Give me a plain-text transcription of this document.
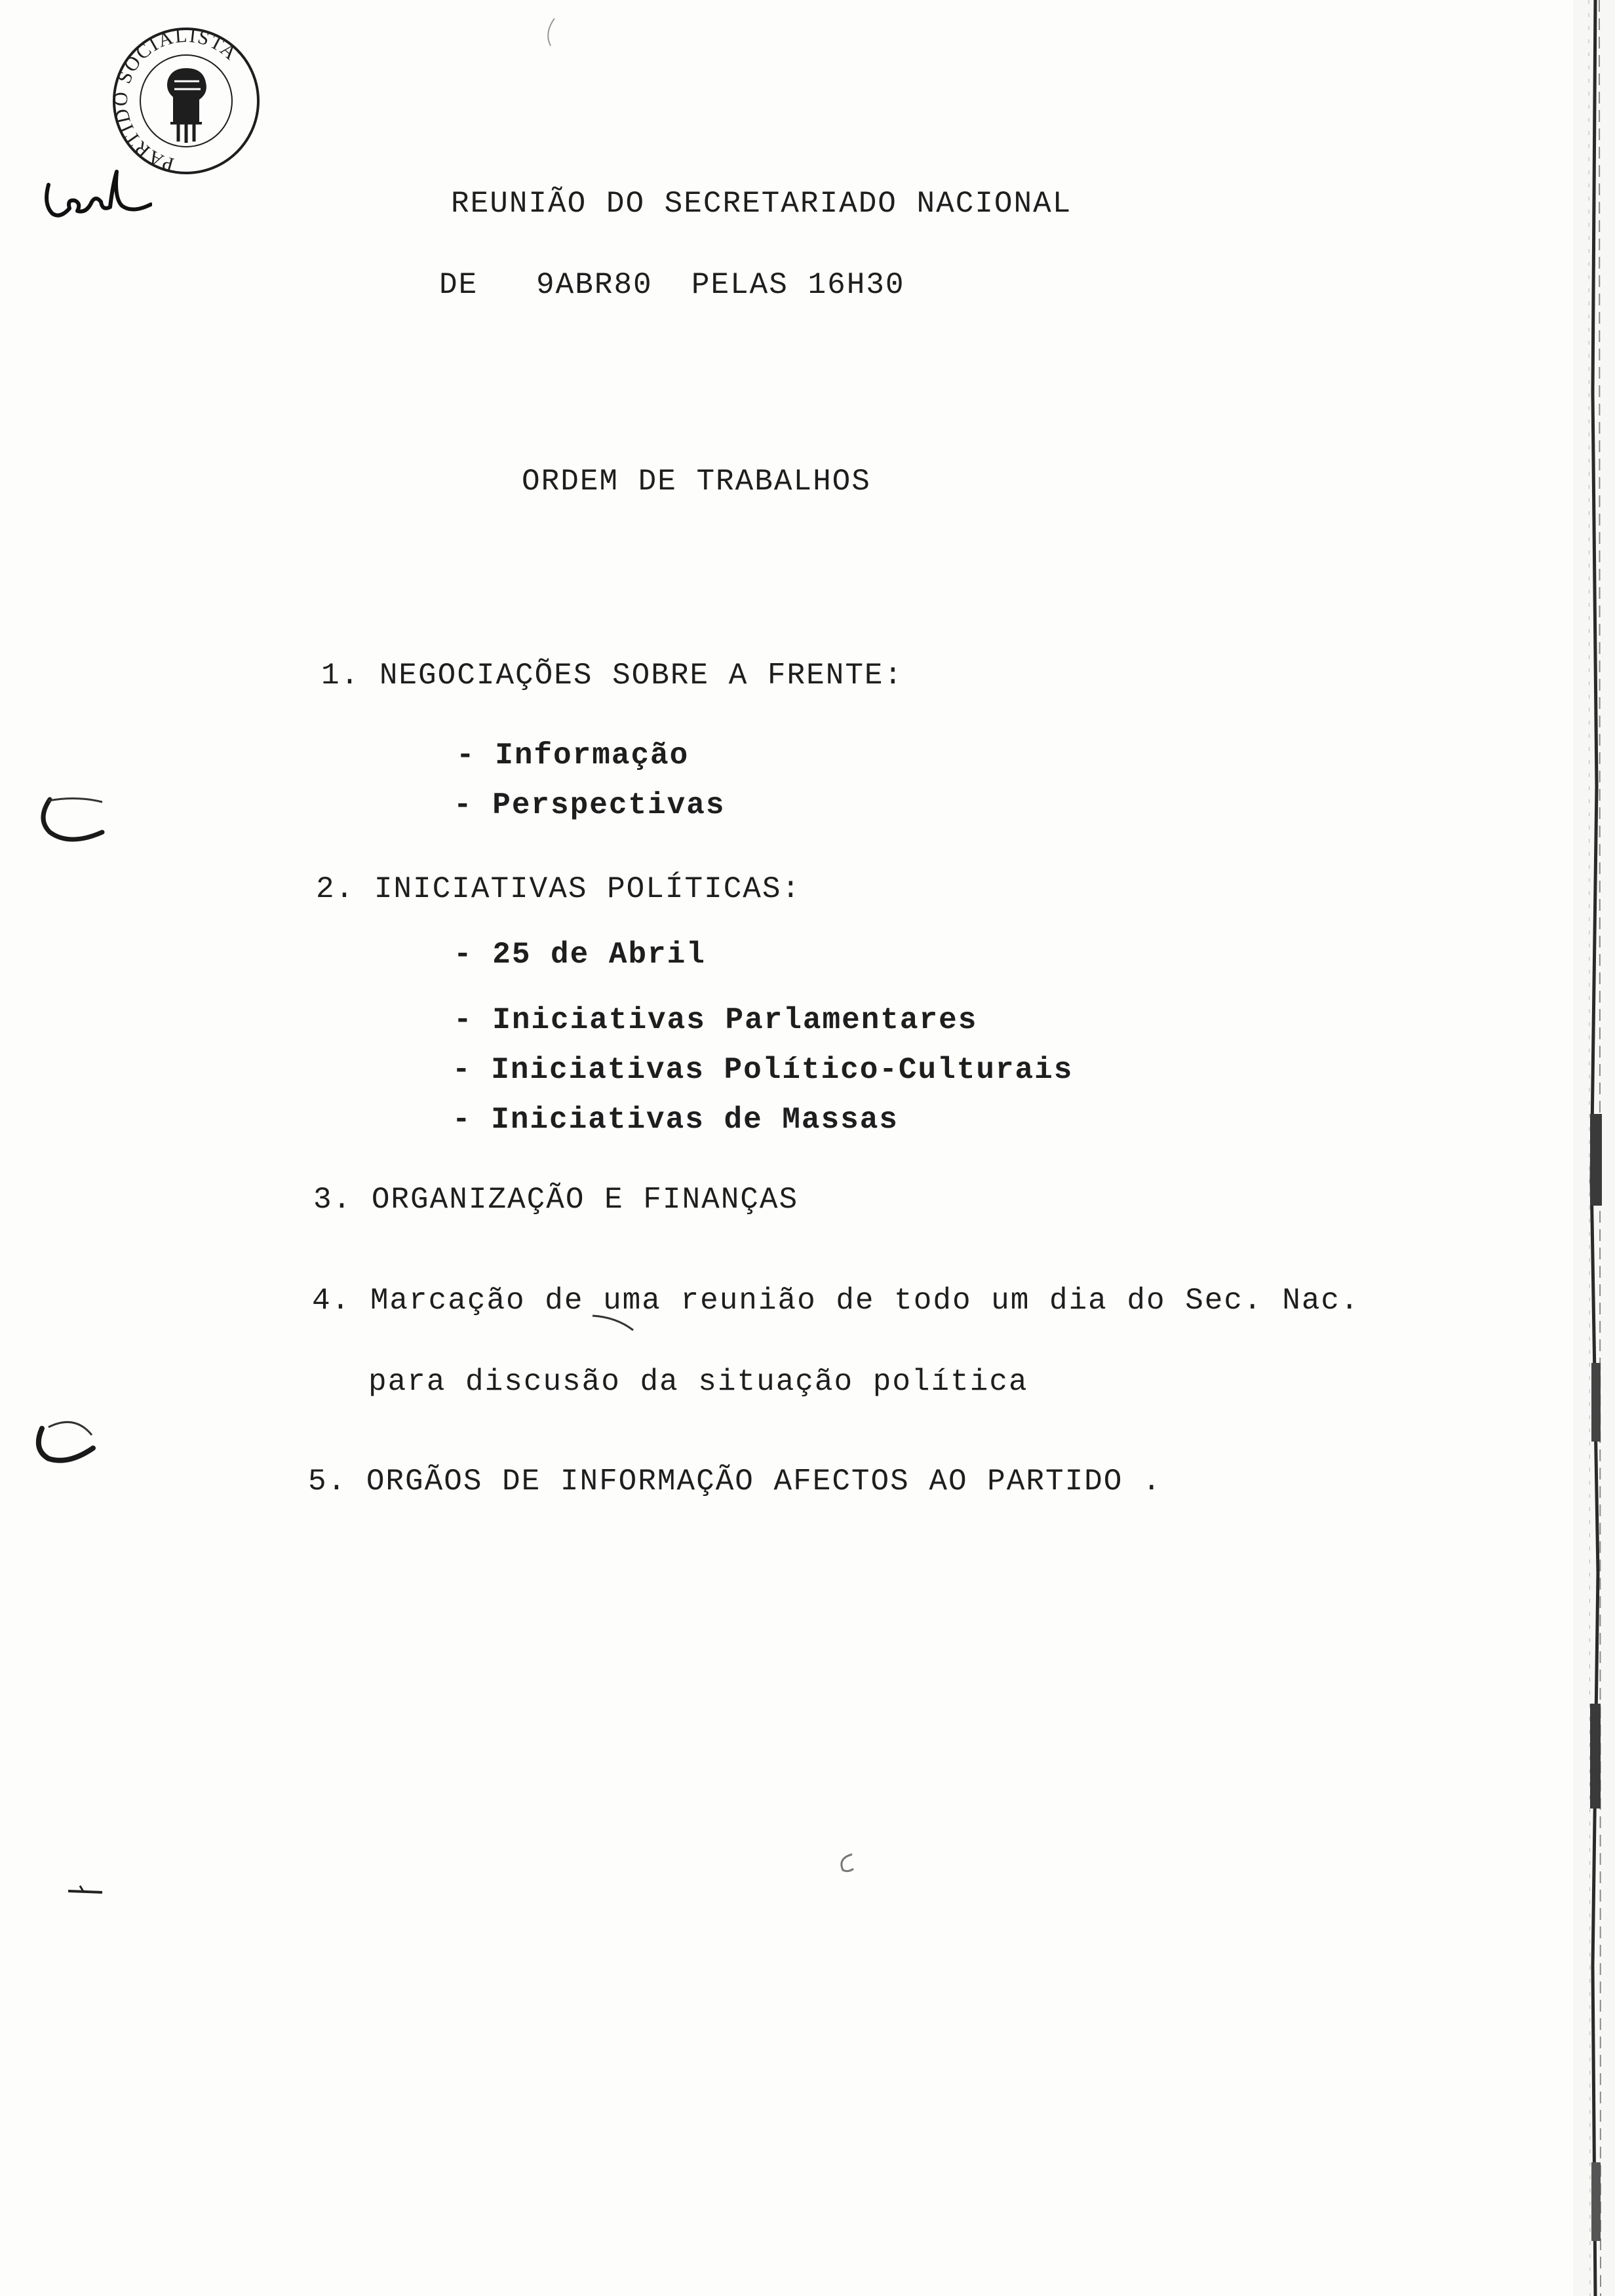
PARTIDO SOCIALISTA
REUNIÃO DO SECRETARIADO NACIONAL
DE   9ABR80  PELAS 16H30
ORDEM DE TRABALHOS
1. NEGOCIAÇÕES SOBRE A FRENTE:
- Informação
- Perspectivas
2. INICIATIVAS POLÍTICAS:
- 25 de Abril
- Iniciativas Parlamentares
- Iniciativas Político-Culturais
- Iniciativas de Massas
3. ORGANIZAÇÃO E FINANÇAS
4. Marcação de uma reunião de todo um dia do Sec. Nac.
para discusão da situação política
5. ORGÃOS DE INFORMAÇÃO AFECTOS AO PARTIDO .
